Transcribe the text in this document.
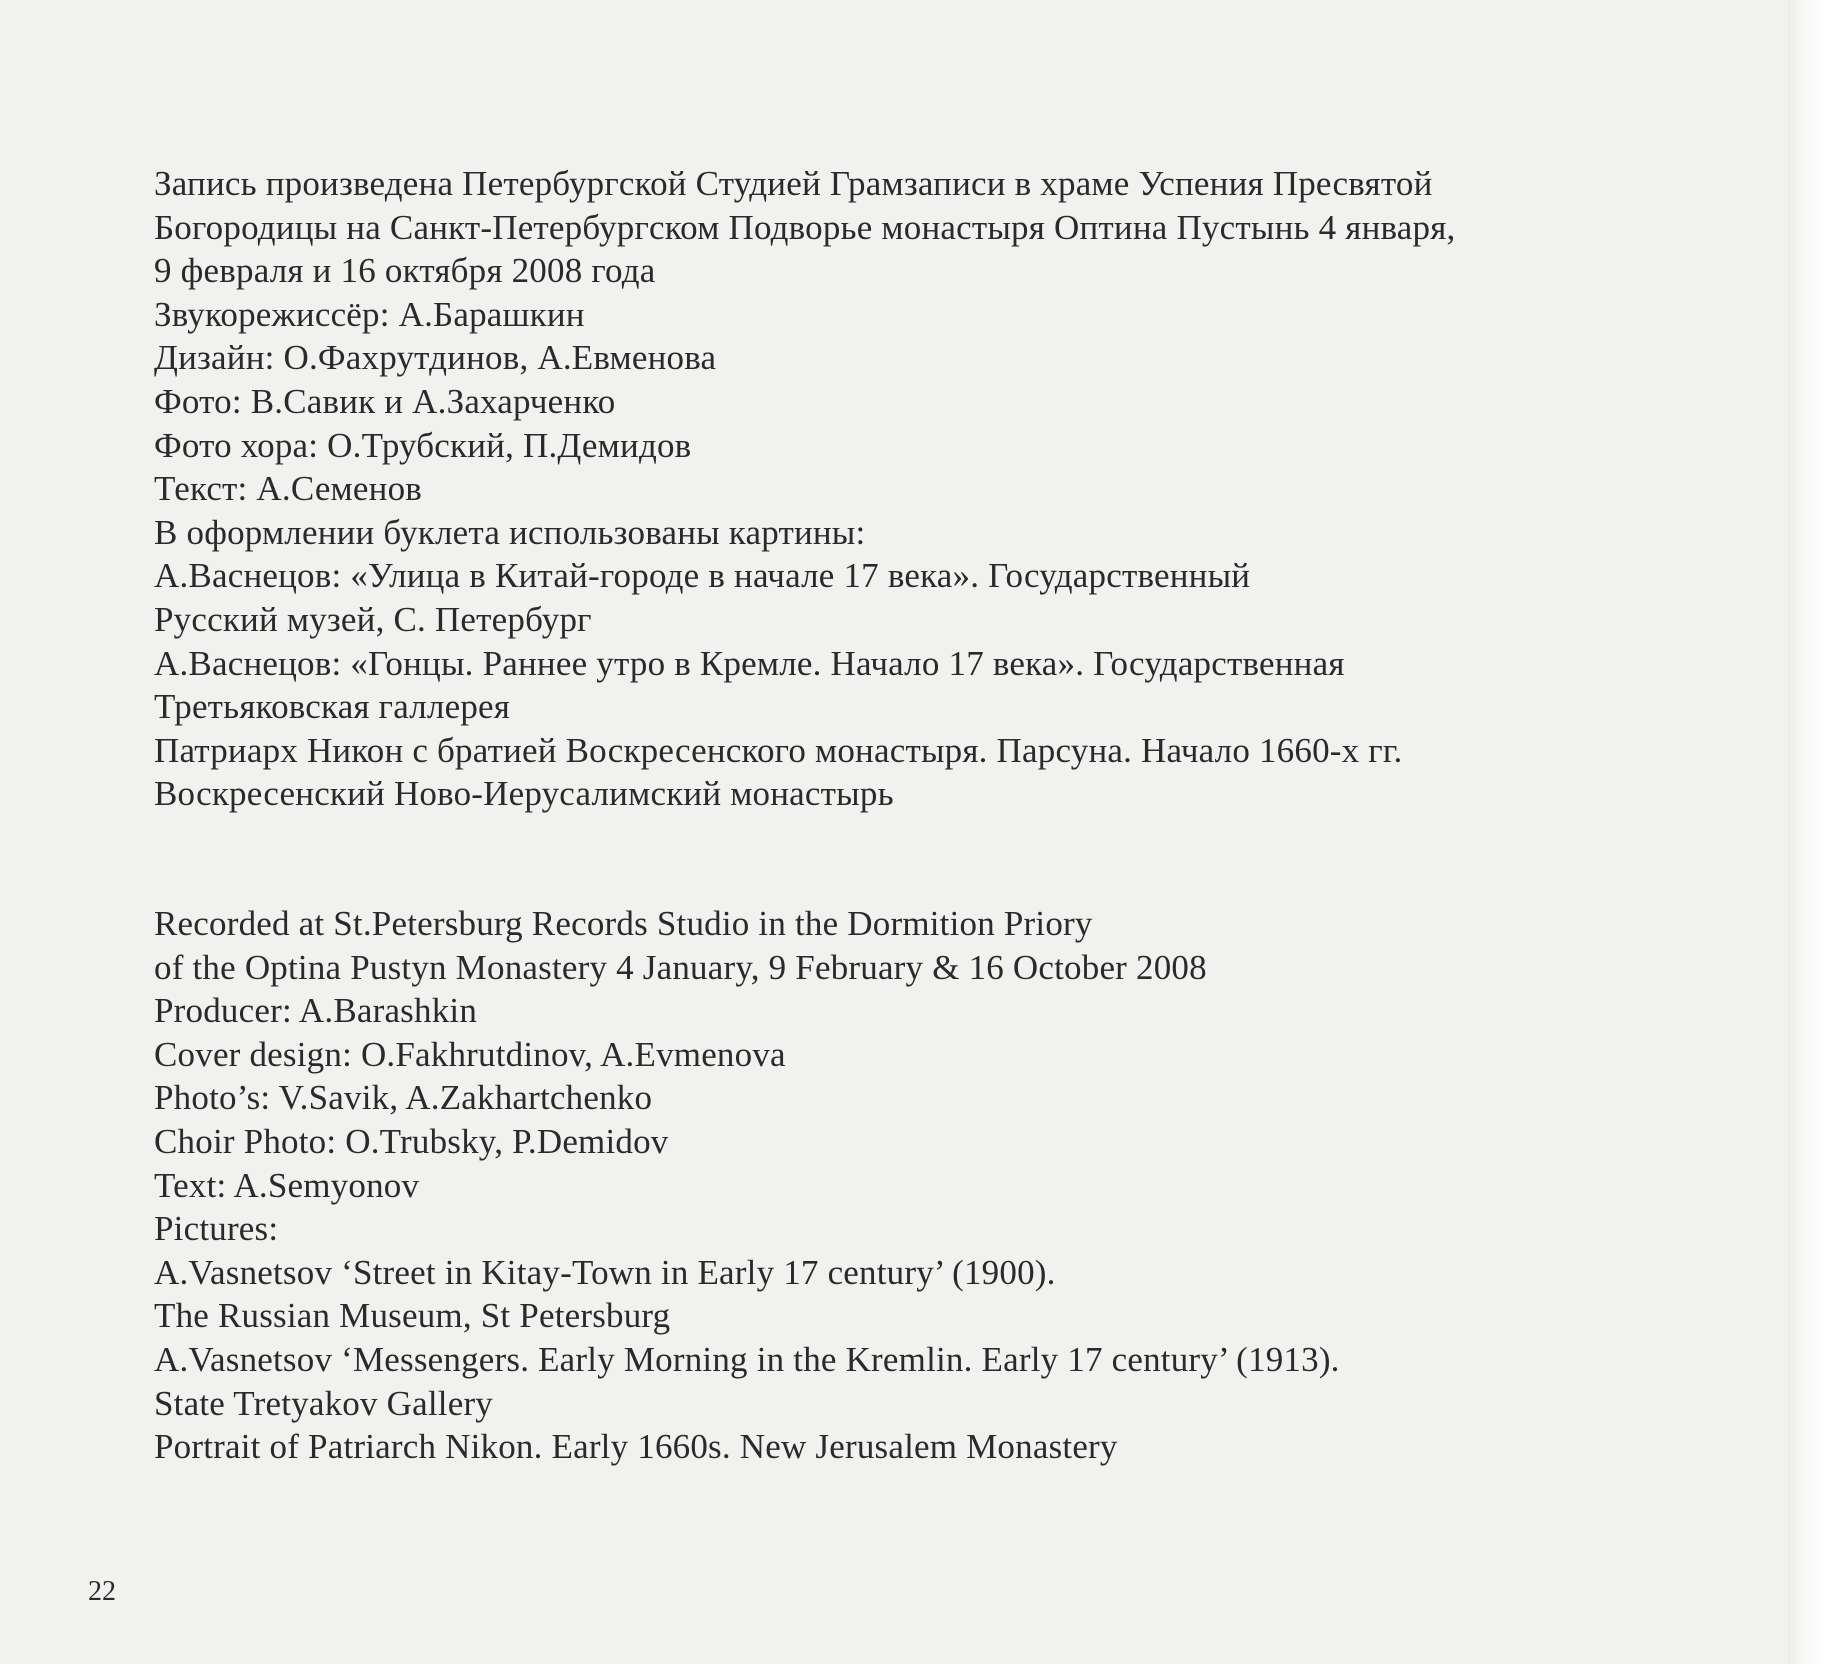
Запись произведена Петербургской Студией Грамзаписи в храме Успения Пресвятой
Богородицы на Санкт-Петербургском Подворье монастыря Оптина Пустынь 4 января,
9 февраля и 16 октября 2008 года
Звукорежиссёр: А.Барашкин
Дизайн: О.Фахрутдинов, А.Евменова
Фото: В.Савик и А.Захарченко
Фото хора: О.Трубский, П.Демидов
Текст: А.Семенов
В оформлении буклета использованы картины:
А.Васнецов: «Улица в Китай-городе в начале 17 века». Государственный
Русский музей, С. Петербург
А.Васнецов: «Гонцы. Раннее утро в Кремле. Начало 17 века». Государственная
Третьяковская галлерея
Патриарх Никон с братией Воскресенского монастыря. Парсуна. Начало 1660-х гг.
Воскресенский Ново-Иерусалимский монастырь
Recorded at St.Petersburg Records Studio in the Dormition Priory
of the Optina Pustyn Monastery 4 January, 9 February & 16 October 2008
Producer: A.Barashkin
Cover design: O.Fakhrutdinov, A.Evmenova
Photo’s: V.Savik, A.Zakhartchenko
Choir Photo: O.Trubsky, P.Demidov
Text: A.Semyonov
Pictures:
A.Vasnetsov ‘Street in Kitay-Town in Early 17 century’ (1900).
The Russian Museum, St Petersburg
A.Vasnetsov ‘Messengers. Early Morning in the Kremlin. Early 17 century’ (1913).
State Tretyakov Gallery
Portrait of Patriarch Nikon. Early 1660s. New Jerusalem Monastery
22
